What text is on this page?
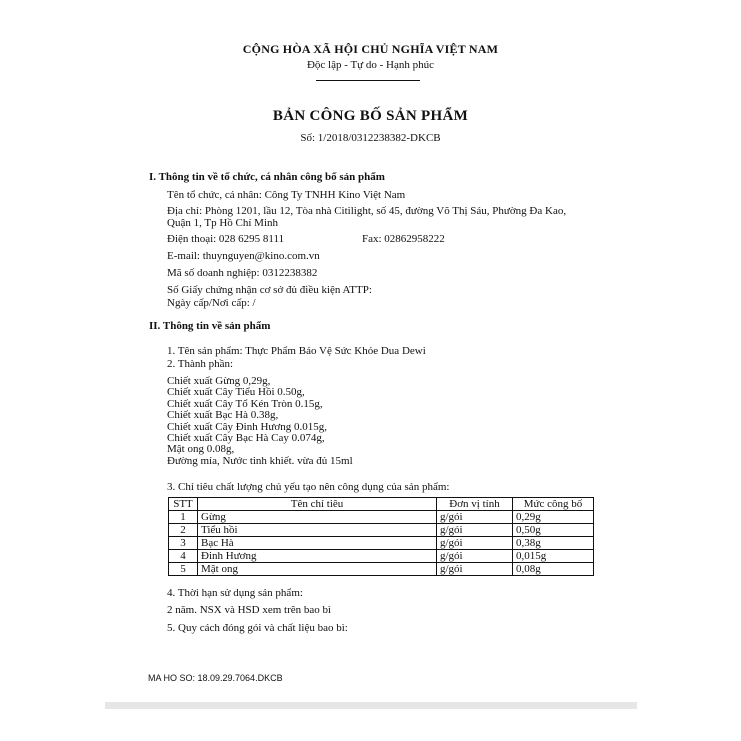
CỘNG HÒA XÃ HỘI CHỦ NGHĨA VIỆT NAM
Độc lập - Tự do - Hạnh phúc
BẢN CÔNG BỐ SẢN PHẨM
Số: 1/2018/0312238382-DKCB
I. Thông tin về tổ chức, cá nhân công bố sản phẩm
Tên tổ chức, cá nhân: Công Ty TNHH Kino Việt Nam
Địa chỉ: Phòng 1201, lầu 12, Tòa nhà Citilight, số 45, đường Võ Thị Sáu, Phường Đa Kao,
Quận 1, Tp Hồ Chí Minh
Điện thoại: 028 6295 8111	Fax: 02862958222
E-mail: thuynguyen@kino.com.vn
Mã số doanh nghiệp: 0312238382
Số Giấy chứng nhận cơ sở đủ điều kiện ATTP:
Ngày cấp/Nơi cấp: /
II. Thông tin về sản phẩm
1. Tên sản phẩm: Thực Phẩm Bảo Vệ Sức Khỏe Dua Dewi
2. Thành phần:
Chiết xuất Gừng 0,29g,
Chiết xuất Cây Tiểu Hồi 0.50g,
Chiết xuất Cây Tổ Kén Tròn 0.15g,
Chiết xuất Bạc Hà 0.38g,
Chiết xuất Cây Đinh Hương 0.015g,
Chiết xuất Cây Bạc Hà Cay 0.074g,
Mật ong 0.08g,
Đường mía, Nước tinh khiết. vừa đủ 15ml
3. Chỉ tiêu chất lượng chủ yếu tạo nên công dụng của sản phẩm:
STT	Tên chỉ tiêu	Đơn vị tính	Mức công bố
1	Gừng	g/gói	0,29g
2	Tiểu hồi	g/gói	0,50g
3	Bạc Hà	g/gói	0,38g
4	Đinh Hương	g/gói	0,015g
5	Mật ong	g/gói	0,08g
4. Thời hạn sử dụng sản phẩm:
2 năm. NSX và HSD xem trên bao bì
5. Quy cách đóng gói và chất liệu bao bì:
MA HO SO: 18.09.29.7064.DKCB
